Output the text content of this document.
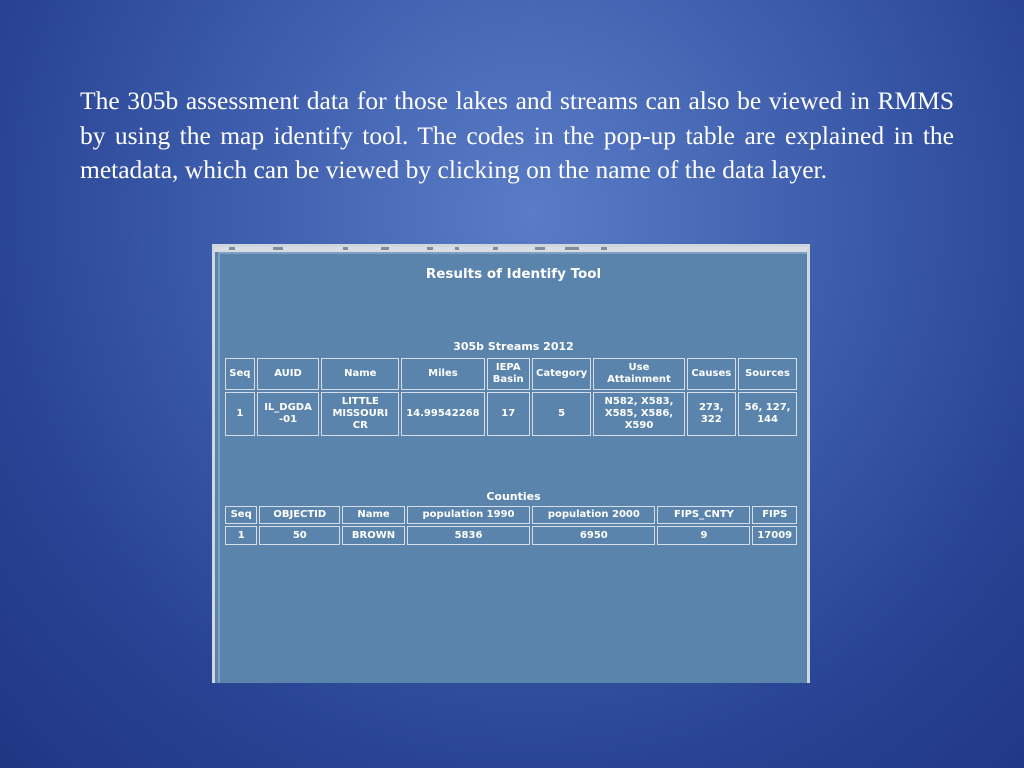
The 305b assessment data for those lakes and streams can also be viewed in RMMS by using the map identify tool. The codes in the pop-up table are explained in the metadata, which can be viewed by clicking on the name of the data layer.

Results of Identify Tool
305b Streams 2012
Seq	AUID	Name	Miles	IEPA Basin	Category	Use Attainment	Causes	Sources
1	IL_DGDA -01	LITTLE MISSOURI CR	14.99542268	17	5	N582, X583, X585, X586, X590	273, 322	56, 127, 144
Counties
Seq	OBJECTID	Name	population 1990	population 2000	FIPS_CNTY	FIPS
1	50	BROWN	5836	6950	9	17009
